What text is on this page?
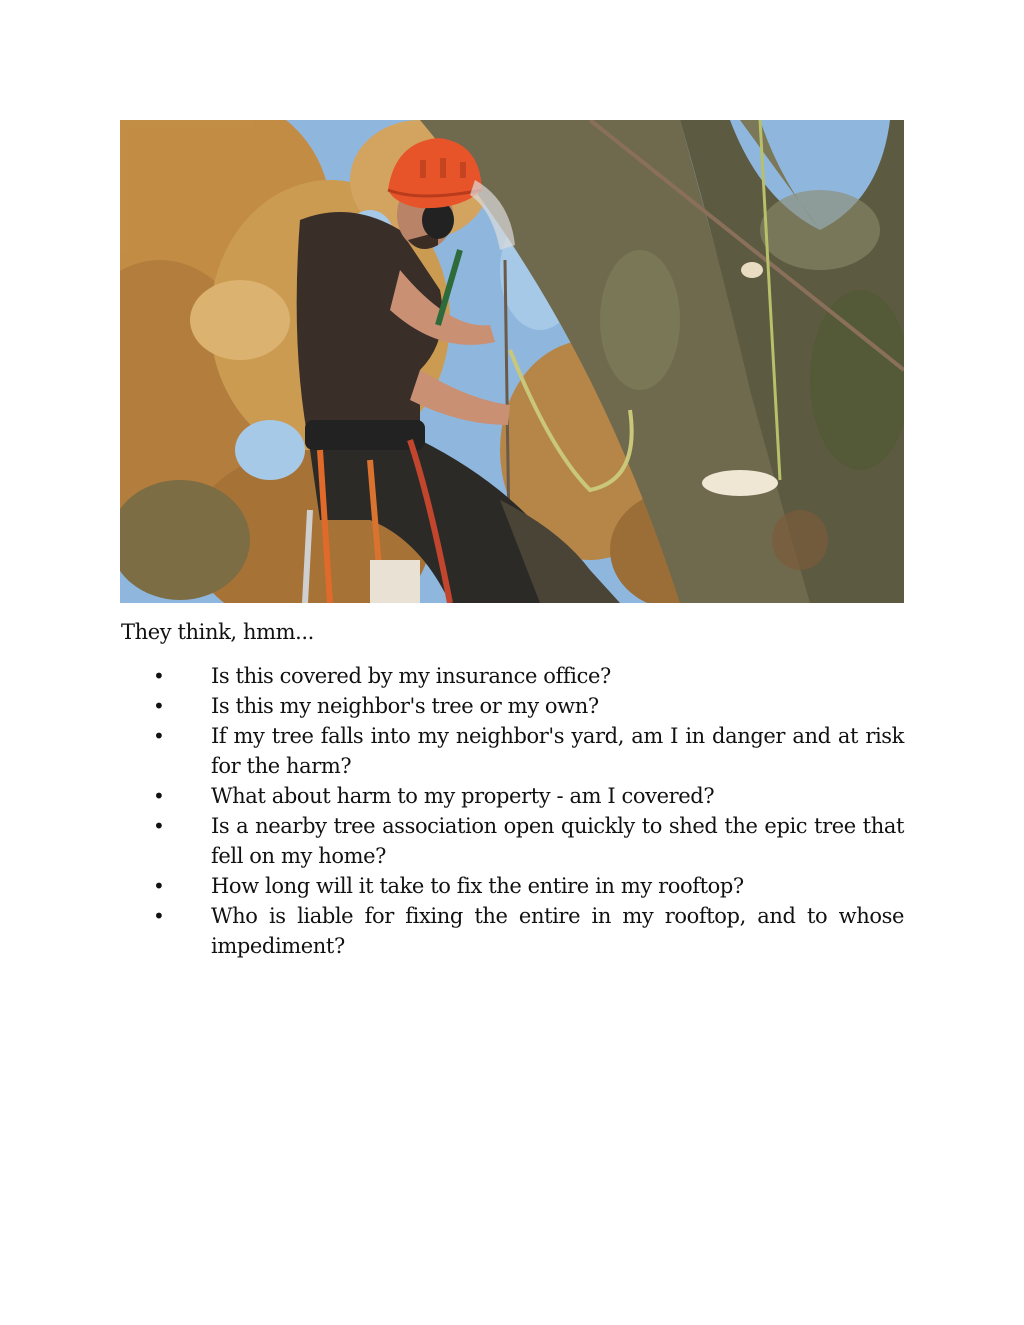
They think, hmm...

• Is this covered by my insurance office?
• Is this my neighbor's tree or my own?
• If my tree falls into my neighbor's yard, am I in danger and at risk for the harm?
• What about harm to my property - am I covered?
• Is a nearby tree association open quickly to shed the epic tree that fell on my home?
• How long will it take to fix the entire in my rooftop?
• Who is liable for fixing the entire in my rooftop, and to whose impediment?
